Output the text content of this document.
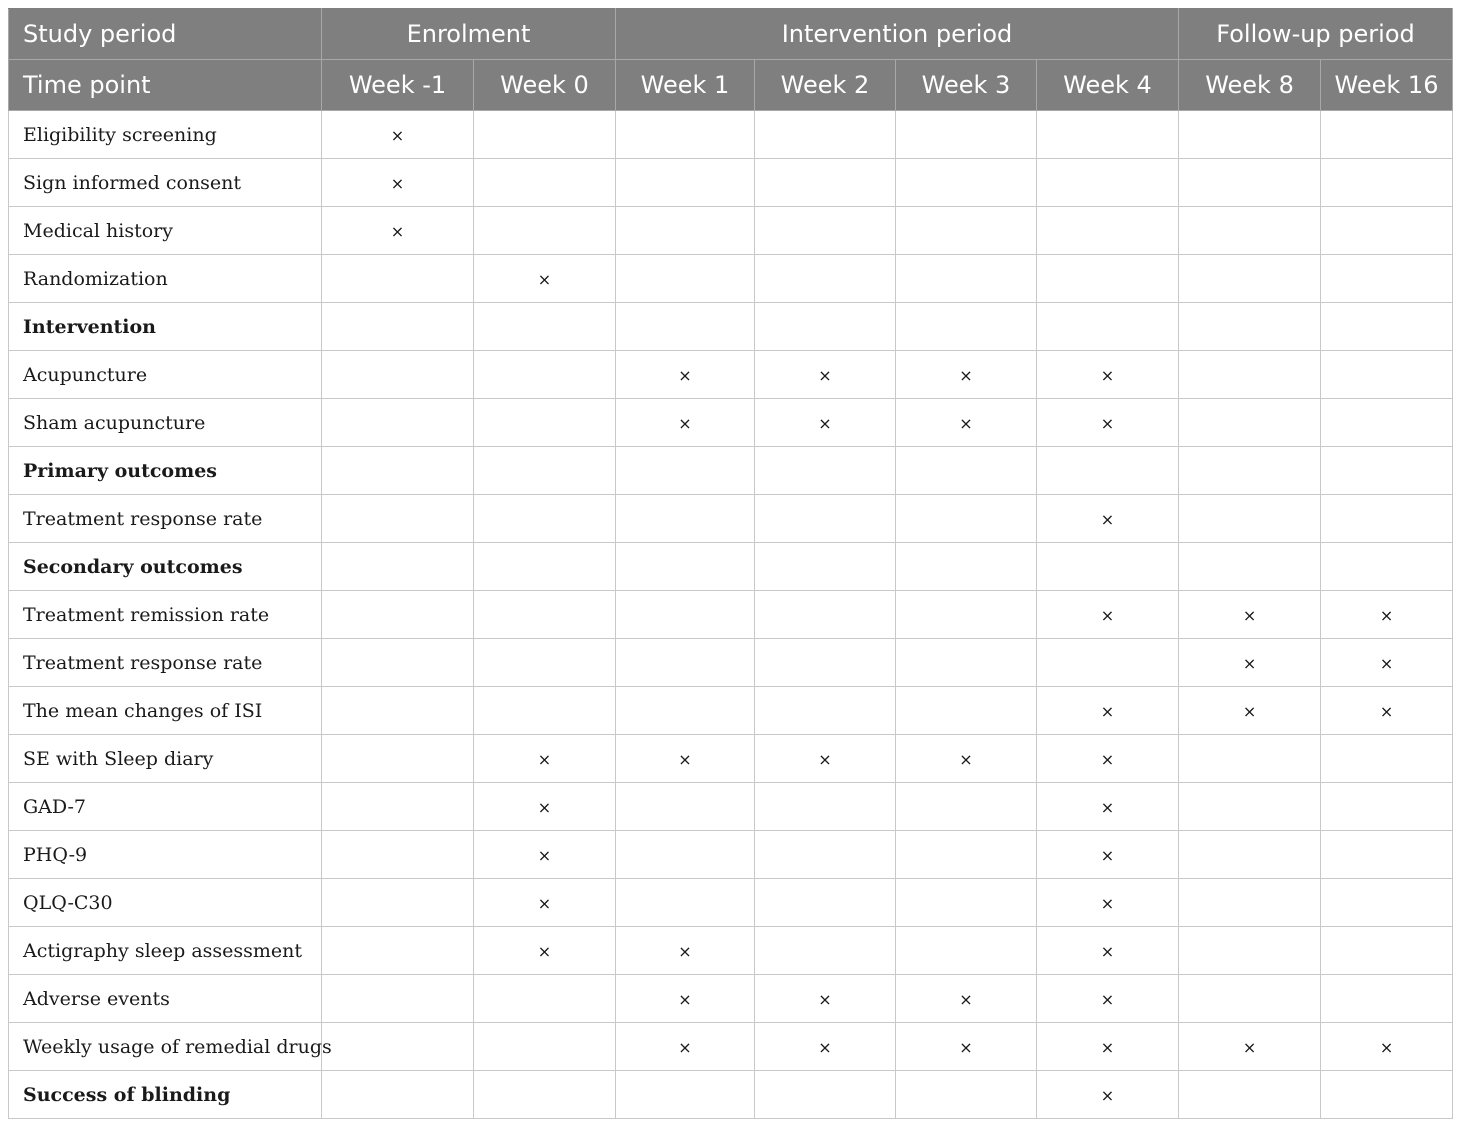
Study period	Enrolment		Intervention period				Follow-up period	
Time point	Week -1	Week 0	Week 1	Week 2	Week 3	Week 4	Week 8	Week 16
Eligibility screening	×							
Sign informed consent	×							
Medical history	×							
Randomization		×						
Intervention								
Acupuncture			×	×	×	×		
Sham acupuncture			×	×	×	×		
Primary outcomes								
Treatment response rate						×		
Secondary outcomes								
Treatment remission rate						×	×	×
Treatment response rate							×	×
The mean changes of ISI						×	×	×
SE with Sleep diary		×	×	×	×	×		
GAD-7		×				×		
PHQ-9		×				×		
QLQ-C30		×				×		
Actigraphy sleep assessment		×	×			×		
Adverse events			×	×	×	×		
Weekly usage of remedial drugs			×	×	×	×	×	×
Success of blinding						×		
